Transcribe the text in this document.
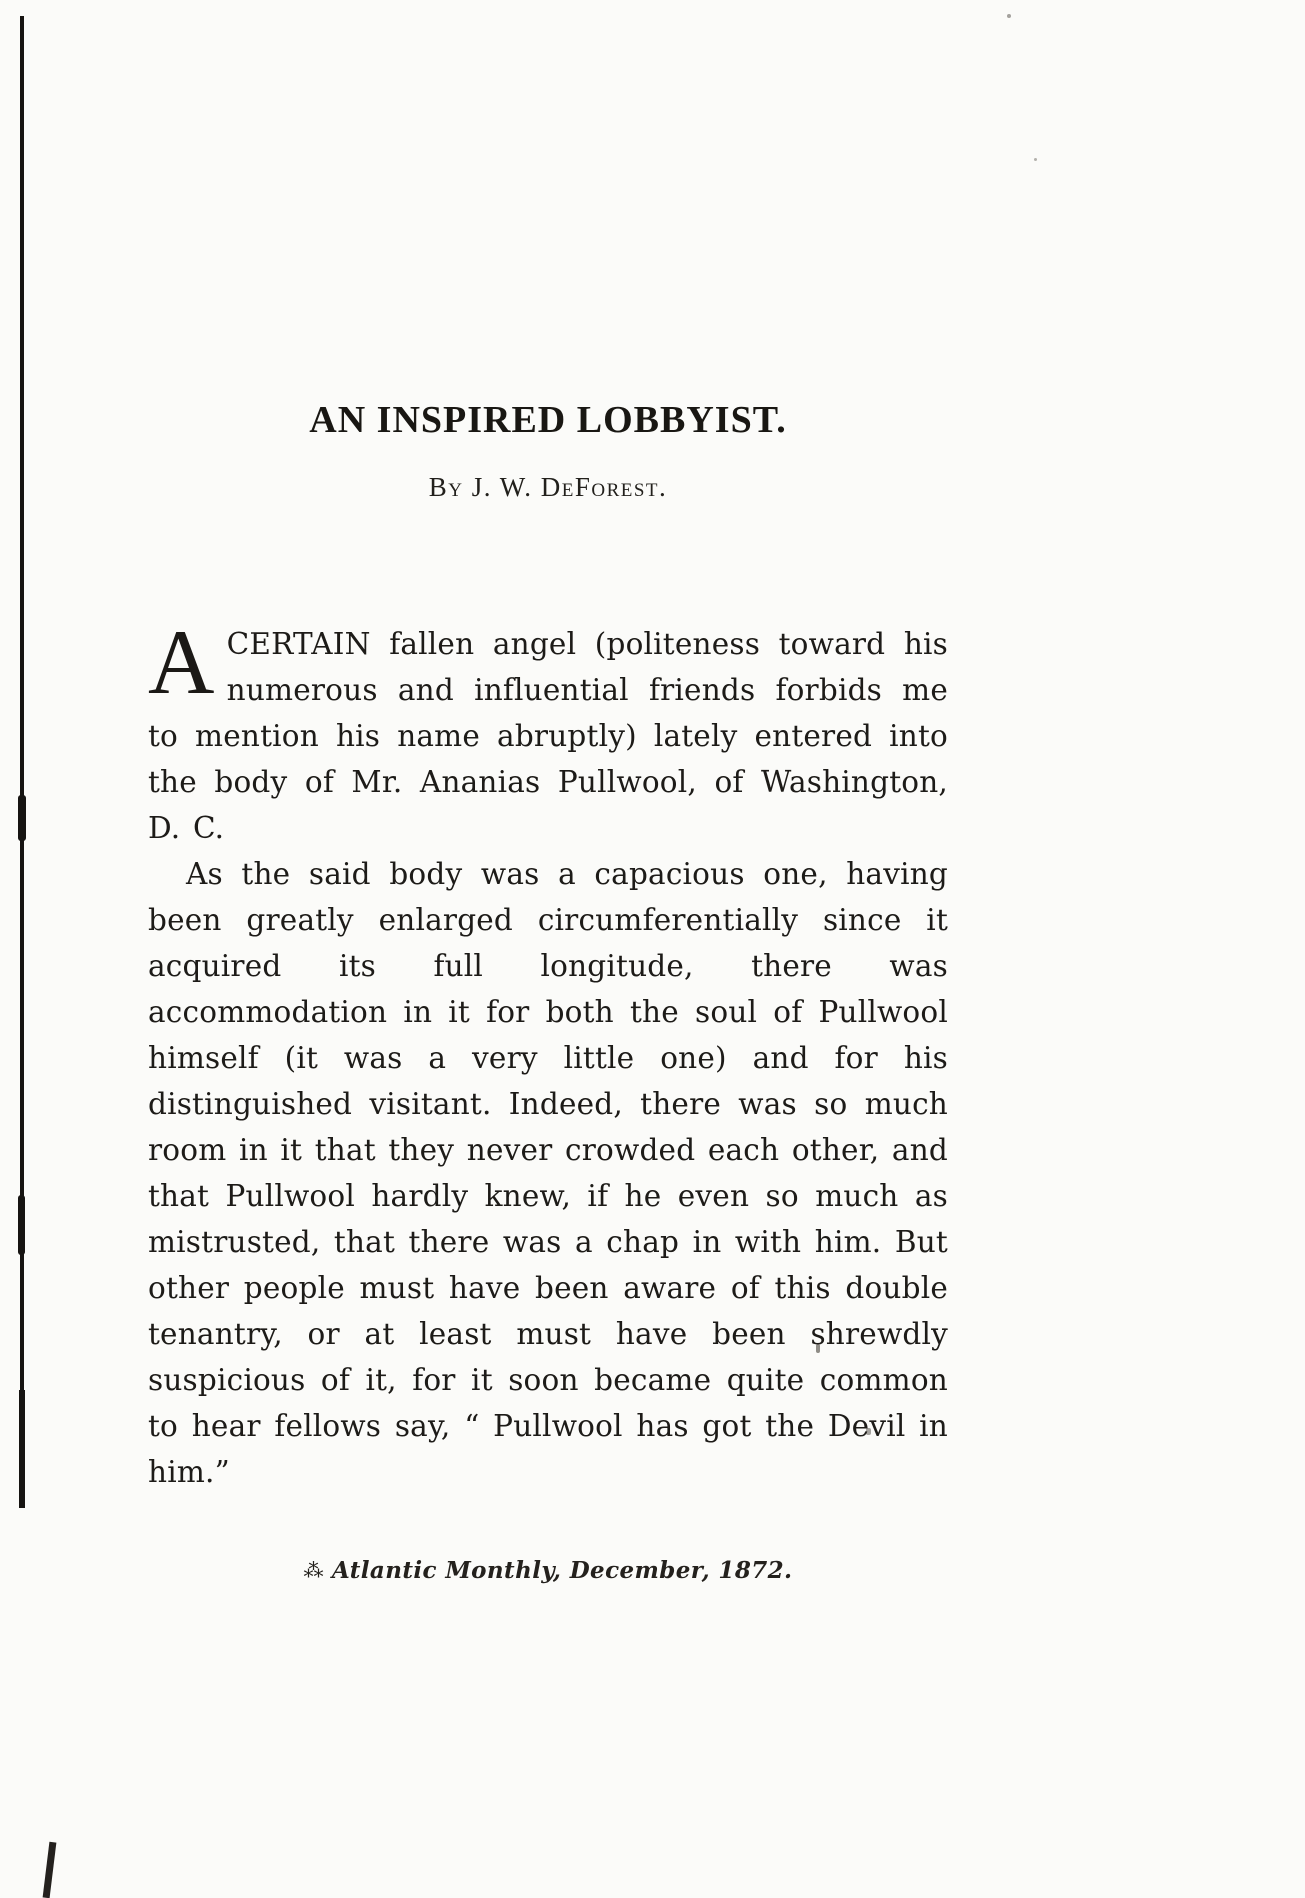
AN INSPIRED LOBBYIST.
By J. W. DeForest.

ACERTAIN fallen angel (politeness toward his numerous and influential friends forbids me to mention his name abruptly) lately entered into the body of Mr. Ananias Pullwool, of Washington, D. C.

As the said body was a capacious one, having been greatly enlarged circumferentially since it acquired its full longitude, there was accommodation in it for both the soul of Pullwool himself (it was a very little one) and for his distinguished visitant. Indeed, there was so much room in it that they never crowded each other, and that Pullwool hardly knew, if he even so much as mistrusted, that there was a chap in with him. But other people must have been aware of this double tenantry, or at least must have been shrewdly suspicious of it, for it soon became quite common to hear fellows say, “ Pullwool has got the Devil in him.”

⁂ Atlantic Monthly, December, 1872.
